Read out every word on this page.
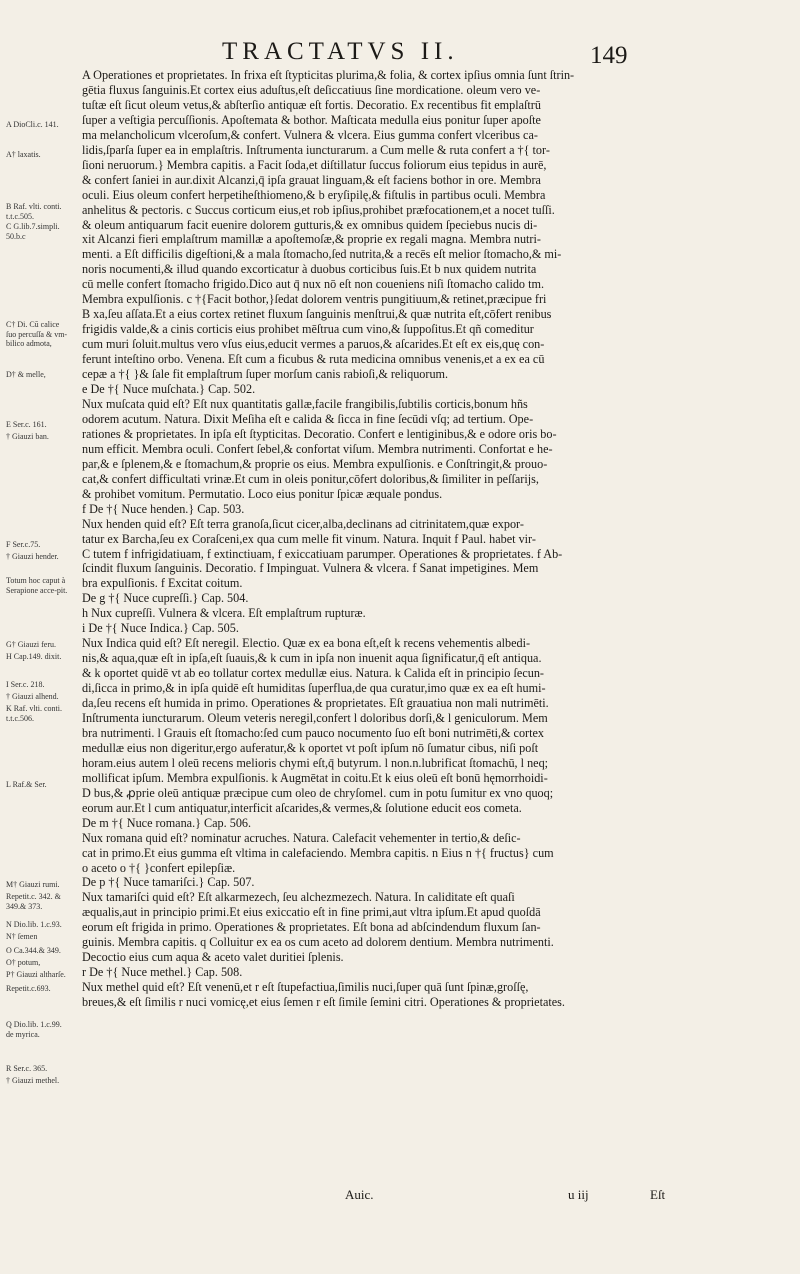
TRACTATVS II.	149
A DioCli.c. 141.
A† laxatis.
B Raf. vlti. conti. t.t.c.505.
C G.lib.7.simpli. 50.b.c
C† Di. Cū calice ſuo percuſſa & vm-bilico admota,
D† & melle,
E Ser.c. 161.
† Giauzi ban.
F Ser.c.75.
† Giauzi hender.
Totum hoc caput à Serapione acce-pit.
G† Giauzi feru.
H Cap.149. dixit.
I Ser.c. 218.
† Giauzi alhend.
K Raf. vlti. conti. t.t.c.506.
L Raf.& Ser.
M† Giauzi rumi.
Repetit.c. 342. & 349.& 373.
N Dio.lib. 1.c.93.
N† ſemen
O Ca.344.& 349.
O† potum,
P† Giauzi altharſe.
Repetit.c.693.
Q Dio.lib. 1.c.99. de myrica.
R Ser.c. 365.
† Giauzi methel.
A Operationes et proprietates. In frixa eſt ſtypticitas plurima,& folia, & cortex ipſius omnia ſunt ſtrin-
gētia fluxus ſanguinis.Et cortex eius aduſtus,eſt deſiccatiuus ſine mordicatione. oleum vero ve-
tuſtæ eſt ſicut oleum vetus,& abſterſio antiquæ eſt fortis. Decoratio. Ex recentibus fit emplaſtrū
ſuper a veſtigia percuſſionis. Apoſtemata & bothor. Maſticata medulla eius ponitur ſuper apoſte
ma melancholicum vlceroſum,& confert. Vulnera & vlcera. Eius gumma confert vlceribus ca-
lidis,ſparſa ſuper ea in emplaſtris. Inſtrumenta iuncturarum. a Cum melle & ruta confert a †{ tor-
ſioni neruorum.} Membra capitis. a Facit ſoda,et diſtillatur ſuccus foliorum eius tepidus in aurē,
& confert ſaniei in aur.dixit Alcanzi,q̄ ipſa grauat linguam,& eſt faciens bothor in ore. Membra
oculi. Eius oleum confert herpetiheſthiomeno,& b eryſipilę,& fiſtulis in partibus oculi. Membra
anhelitus & pectoris. c Succus corticum eius,et rob ipſius,prohibet præfocationem,et a nocet tuſſi.
& oleum antiquarum facit euenire dolorem gutturis,& ex omnibus quidem ſpeciebus nucis di-
xit Alcanzi fieri emplaſtrum mamillæ a apoſtemoſæ,& proprie ex regali magna. Membra nutri-
menti. a Eſt difficilis digeſtioni,& a mala ſtomacho,ſed nutrita,& a recēs eſt melior ſtomacho,& mi-
noris nocumenti,& illud quando excorticatur à duobus corticibus ſuis.Et b nux quidem nutrita
cū melle confert ſtomacho frigido.Dico aut q̄ nux nō eſt non coueniens niſi ſtomacho calido tm.
Membra expulſionis. c †{Facit bothor,}ſedat dolorem ventris pungitiuum,& retinet,præcipue fri
B xa,ſeu aſſata.Et a eius cortex retinet fluxum ſanguinis menſtrui,& quæ nutrita eſt,cōfert renibus
frigidis valde,& a cinis corticis eius prohibet mēſtrua cum vino,& ſuppoſitus.Et qñ comeditur
cum muri ſoluit.multus vero vſus eius,educit vermes a paruos,& aſcarides.Et eſt ex eis,quę con-
ferunt inteſtino orbo. Venena. Eſt cum a ficubus & ruta medicina omnibus venenis,et a ex ea cū
cepæ a †{ }& ſale fit emplaſtrum ſuper morſum canis rabioſi,& reliquorum.
e De †{ Nuce muſchata.} Cap. 502.
Nux muſcata quid eſt? Eſt nux quantitatis gallæ,facile frangibilis,ſubtilis corticis,bonum hñs
odorem acutum. Natura. Dixit Meſiha eſt e calida & ſicca in fine ſecūdi vſq; ad tertium. Ope-
rationes & proprietates. In ipſa eſt ſtypticitas. Decoratio. Confert e lentiginibus,& e odore oris bo-
num efficit. Membra oculi. Confert ſebel,& confortat viſum. Membra nutrimenti. Confortat e he-
par,& e ſplenem,& e ſtomachum,& proprie os eius. Membra expulſionis. e Conſtringit,& prouo-
cat,& confert difficultati vrinæ.Et cum in oleis ponitur,cōfert doloribus,& ſimiliter in peſſarijs,
& prohibet vomitum. Permutatio. Loco eius ponitur ſpicæ æquale pondus.
f De †{ Nuce henden.} Cap. 503.
Nux henden quid eſt? Eſt terra granoſa,ſicut cicer,alba,declinans ad citrinitatem,quæ expor-
tatur ex Barcha,ſeu ex Coraſceni,ex qua cum melle fit vinum. Natura. Inquit f Paul. habet vir-
C tutem f infrigidatiuam, f extinctiuam, f exiccatiuam parumper. Operationes & proprietates. f Ab-
ſcindit fluxum ſanguinis. Decoratio. f Impinguat. Vulnera & vlcera. f Sanat impetigines. Mem
bra expulſionis. f Excitat coitum.
De g †{ Nuce cupreſſi.} Cap. 504.
h Nux cupreſſi. Vulnera & vlcera. Eſt emplaſtrum rupturæ.
i De †{ Nuce Indica.} Cap. 505.
Nux Indica quid eſt? Eſt neregil. Electio. Quæ ex ea bona eſt,eſt k recens vehementis albedi-
nis,& aqua,quæ eſt in ipſa,eſt ſuauis,& k cum in ipſa non inuenit aqua ſignificatur,q̄ eſt antiqua.
& k oportet quidē vt ab eo tollatur cortex medullæ eius. Natura. k Calida eſt in principio ſecun-
di,ſicca in primo,& in ipſa quidē eſt humiditas ſuperflua,de qua curatur,imo quæ ex ea eſt humi-
da,ſeu recens eſt humida in primo. Operationes & proprietates. Eſt grauatiua non mali nutrimēti.
Inſtrumenta iuncturarum. Oleum veteris neregil,confert l doloribus dorſi,& l geniculorum. Mem
bra nutrimenti. l Grauis eſt ſtomacho:ſed cum pauco nocumento ſuo eſt boni nutrimēti,& cortex
medullæ eius non digeritur,ergo auferatur,& k oportet vt poſt ipſum nō ſumatur cibus, niſi poſt
horam.eius autem l oleū recens melioris chymi eſt,q̄ butyrum. l non.n.lubrificat ſtomachū, l neq;
mollificat ipſum. Membra expulſionis. k Augmētat in coitu.Et k eius oleū eſt bonū hęmorrhoidi-
D bus,& ꝓprie oleū antiquæ præcipue cum oleo de chryſomel. cum in potu ſumitur ex vno quoq;
eorum aur.Et l cum antiquatur,interficit aſcarides,& vermes,& ſolutione educit eos cometa.
De m †{ Nuce romana.} Cap. 506.
Nux romana quid eſt? nominatur acruches. Natura. Calefacit vehementer in tertio,& deſic-
cat in primo.Et eius gumma eſt vltima in calefaciendo. Membra capitis. n Eius n †{ fructus} cum
o aceto o †{ }confert epilepſiæ.
De p †{ Nuce tamariſci.} Cap. 507.
Nux tamariſci quid eſt? Eſt alkarmezech, ſeu alchezmezech. Natura. In caliditate eſt quaſi
æqualis,aut in principio primi.Et eius exiccatio eſt in fine primi,aut vltra ipſum.Et apud quoſdā
eorum eſt frigida in primo. Operationes & proprietates. Eſt bona ad abſcindendum fluxum ſan-
guinis. Membra capitis. q Colluitur ex ea os cum aceto ad dolorem dentium. Membra nutrimenti.
Decoctio eius cum aqua & aceto valet duritiei ſplenis.
r De †{ Nuce methel.} Cap. 508.
Nux methel quid eſt? Eſt venenū,et r eſt ſtupefactiua,ſimilis nuci,ſuper quā ſunt ſpinæ,groſſę,
breues,& eſt ſimilis r nuci vomicę,et eius ſemen r eſt ſimile ſemini citri. Operationes & proprietates.
Auic.	u iij	Eſt
